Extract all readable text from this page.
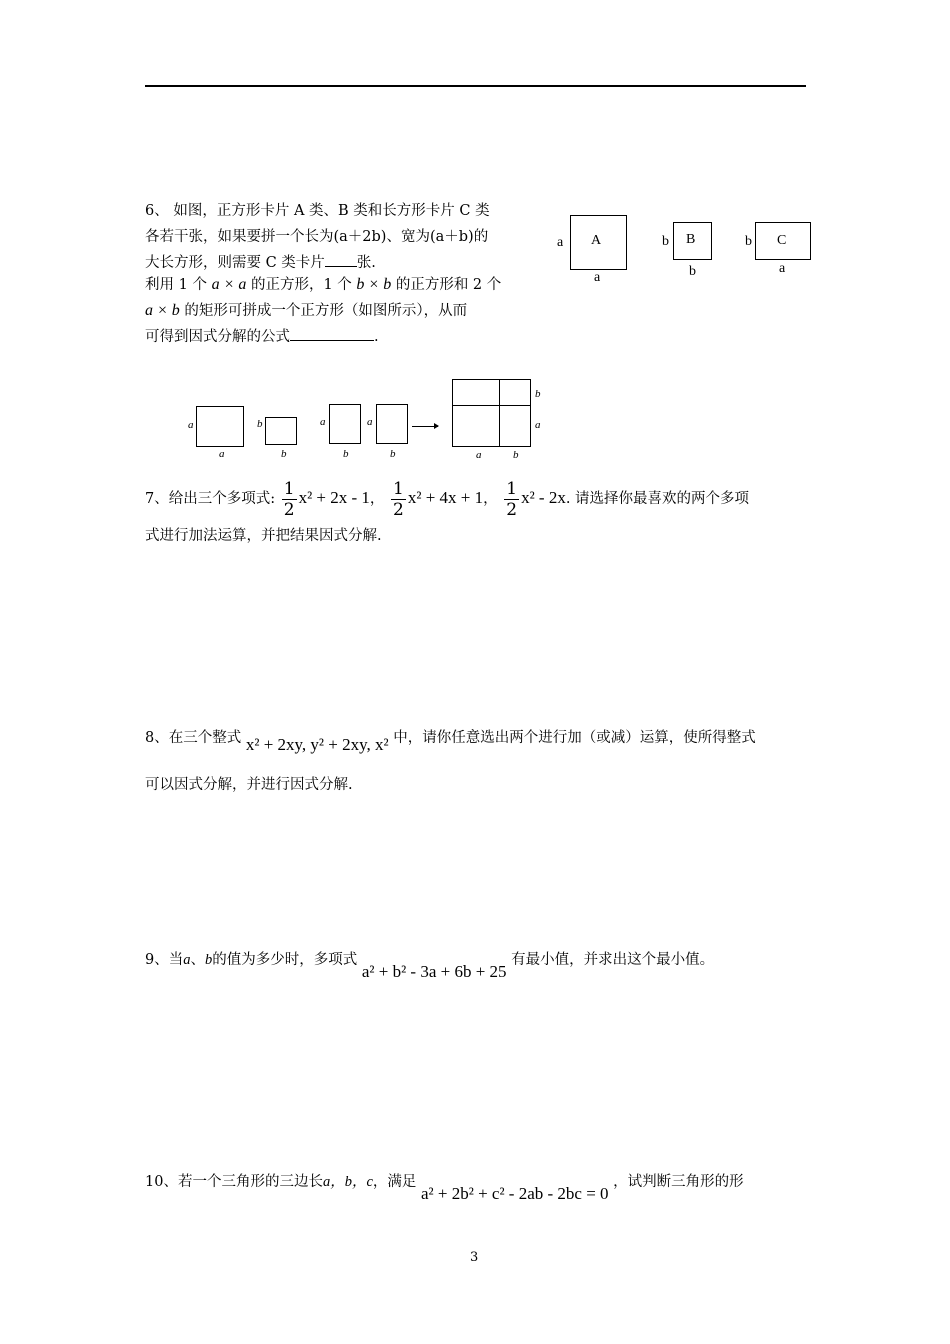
6、 如图，正方形卡片 A 类、B 类和长方形卡片 C 类
各若干张，如果要拼一个长为(a＋2b)、宽为(a＋b)的
大长方形，则需要 C 类卡片 张.
利用 1 个 a × a 的正方形，1 个 b × b 的正方形和 2 个
a × b 的矩形可拼成一个正方形（如图所示），从而
可得到因式分解的公式	.
A
a
a
B
b
b
C
b
a
a
a
b
b
a
b
a
b
b
a
a	b
7、给出三个多项式: $\frac{1}{2} x^2 + 2x - 1$， $\frac{1}{2} x^2 + 4x + 1$， $\frac{1}{2} x^2 - 2x$. 请选择你最喜欢的两个多项
式进行加法运算，并把结果因式分解.
8、在三个整式 x² + 2xy, y² + 2xy, x² 中，请你任意选出两个进行加（或减）运算，使所得整式
可以因式分解，并进行因式分解.
9、当a、b的值为多少时，多项式 a² + b² - 3a + 6b + 25 有最小值，并求出这个最小值。
10、若一个三角形的三边长a，b，c，满足 a² + 2b² + c² - 2ab - 2bc = 0 ，试判断三角形的形
3
